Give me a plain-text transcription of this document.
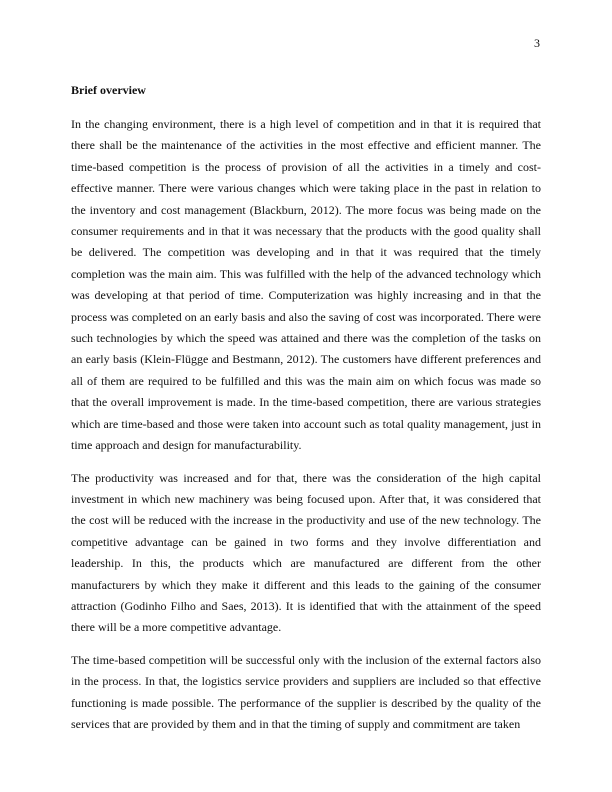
3
Brief overview

In the changing environment, there is a high level of competition and in that it is required that there shall be the maintenance of the activities in the most effective and efficient manner. The time-based competition is the process of provision of all the activities in a timely and cost-effective manner. There were various changes which were taking place in the past in relation to the inventory and cost management (Blackburn, 2012). The more focus was being made on the consumer requirements and in that it was necessary that the products with the good quality shall be delivered. The competition was developing and in that it was required that the timely completion was the main aim. This was fulfilled with the help of the advanced technology which was developing at that period of time. Computerization was highly increasing and in that the process was completed on an early basis and also the saving of cost was incorporated. There were such technologies by which the speed was attained and there was the completion of the tasks on an early basis (Klein-Flügge and Bestmann, 2012). The customers have different preferences and all of them are required to be fulfilled and this was the main aim on which focus was made so that the overall improvement is made. In the time-based competition, there are various strategies which are time-based and those were taken into account such as total quality management, just in time approach and design for manufacturability.

The productivity was increased and for that, there was the consideration of the high capital investment in which new machinery was being focused upon. After that, it was considered that the cost will be reduced with the increase in the productivity and use of the new technology. The competitive advantage can be gained in two forms and they involve differentiation and leadership. In this, the products which are manufactured are different from the other manufacturers by which they make it different and this leads to the gaining of the consumer attraction (Godinho Filho and Saes, 2013). It is identified that with the attainment of the speed there will be a more competitive advantage.

The time-based competition will be successful only with the inclusion of the external factors also in the process. In that, the logistics service providers and suppliers are included so that effective functioning is made possible. The performance of the supplier is described by the quality of the services that are provided by them and in that the timing of supply and commitment are taken
